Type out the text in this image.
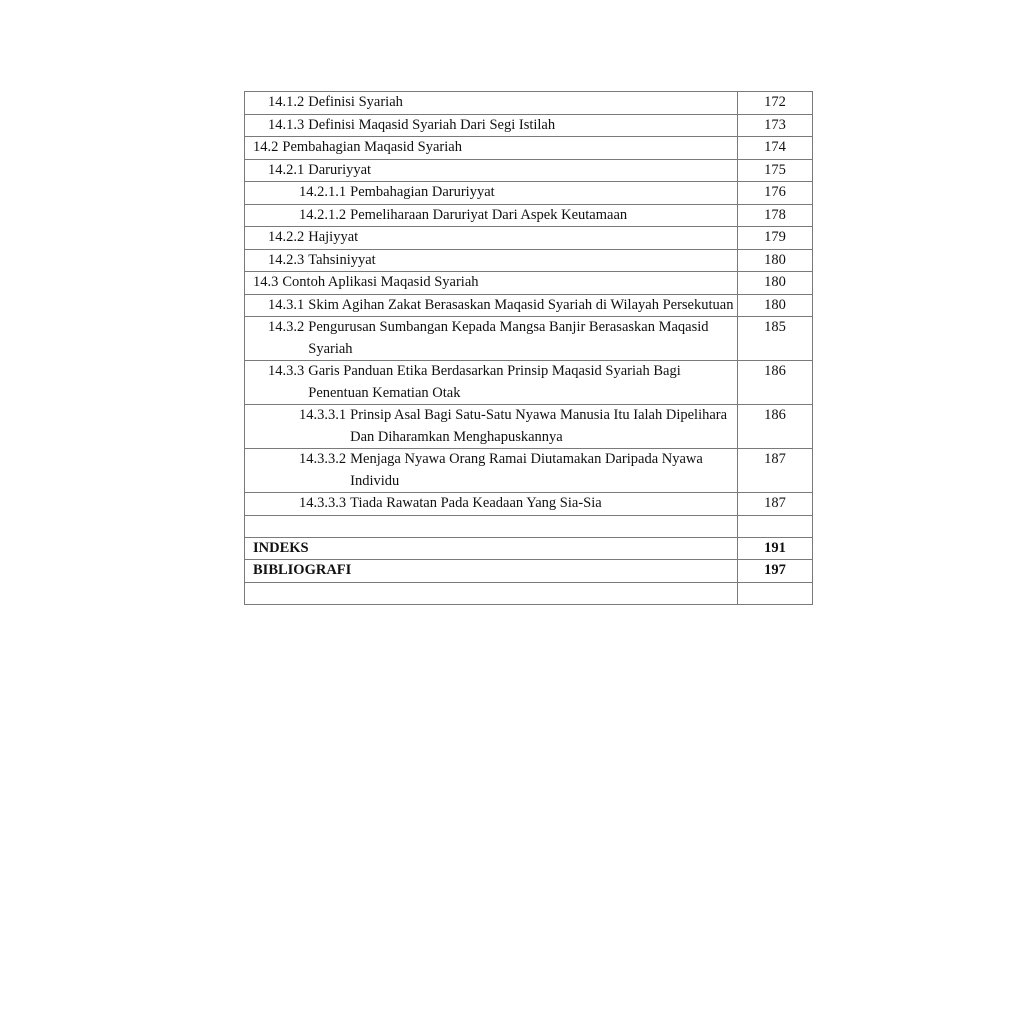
14.1.2 Definisi Syariah	172

14.1.3 Definisi Maqasid Syariah Dari Segi Istilah	173

14.2 Pembahagian Maqasid Syariah	174

14.2.1 Daruriyyat	175

14.2.1.1 Pembahagian Daruriyyat	176

14.2.1.2 Pemeliharaan Daruriyat Dari Aspek Keutamaan	178

14.2.2 Hajiyyat	179

14.2.3 Tahsiniyyat	180

14.3 Contoh Aplikasi Maqasid Syariah	180

14.3.1 Skim Agihan Zakat Berasaskan Maqasid Syariah di Wilayah Persekutuan	180

14.3.2 Pengurusan Sumbangan Kepada Mangsa Banjir Berasaskan Maqasid Syariah	185

14.3.3 Garis Panduan Etika Berdasarkan Prinsip Maqasid Syariah Bagi Penentuan Kematian Otak	186

14.3.3.1 Prinsip Asal Bagi Satu-Satu Nyawa Manusia Itu Ialah Dipelihara Dan Diharamkan Menghapuskannya	186

14.3.3.2 Menjaga Nyawa Orang Ramai Diutamakan Daripada Nyawa Individu	187

14.3.3.3 Tiada Rawatan Pada Keadaan Yang Sia-Sia	187

INDEKS	191
BIBLIOGRAFI	197
